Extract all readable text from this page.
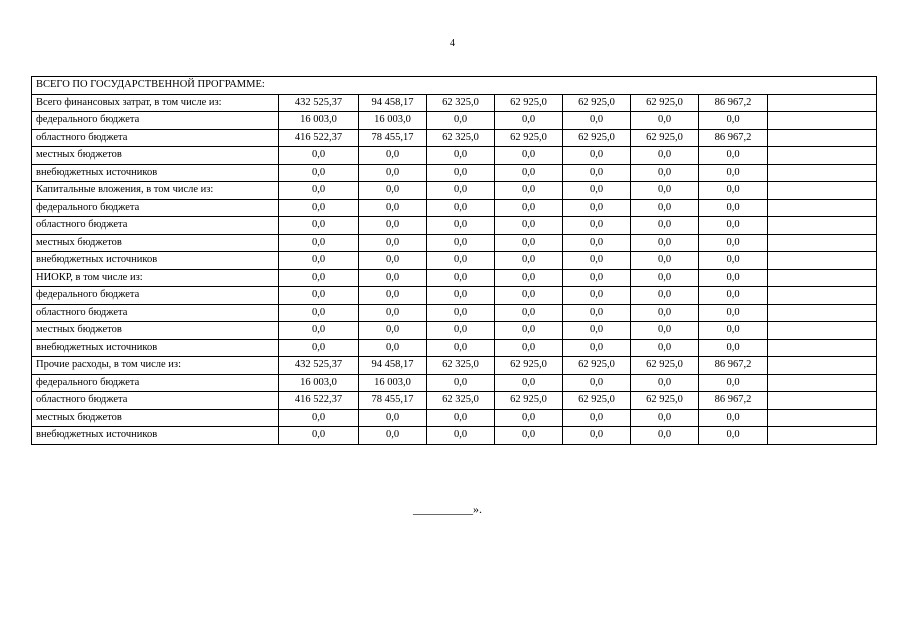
4
ВСЕГО ПО ГОСУДАРСТВЕННОЙ ПРОГРАММЕ:								
Всего финансовых затрат, в том числе из:	432 525,37	94 458,17	62 325,0	62 925,0	62 925,0	62 925,0	86 967,2	
федерального бюджета	16 003,0	16 003,0	0,0	0,0	0,0	0,0	0,0	
областного бюджета	416 522,37	78 455,17	62 325,0	62 925,0	62 925,0	62 925,0	86 967,2	
местных бюджетов	0,0	0,0	0,0	0,0	0,0	0,0	0,0	
внебюджетных источников	0,0	0,0	0,0	0,0	0,0	0,0	0,0	
Капитальные вложения, в том числе из:	0,0	0,0	0,0	0,0	0,0	0,0	0,0	
федерального бюджета	0,0	0,0	0,0	0,0	0,0	0,0	0,0	
областного бюджета	0,0	0,0	0,0	0,0	0,0	0,0	0,0	
местных бюджетов	0,0	0,0	0,0	0,0	0,0	0,0	0,0	
внебюджетных источников	0,0	0,0	0,0	0,0	0,0	0,0	0,0	
НИОКР, в том числе из:	0,0	0,0	0,0	0,0	0,0	0,0	0,0	
федерального бюджета	0,0	0,0	0,0	0,0	0,0	0,0	0,0	
областного бюджета	0,0	0,0	0,0	0,0	0,0	0,0	0,0	
местных бюджетов	0,0	0,0	0,0	0,0	0,0	0,0	0,0	
внебюджетных источников	0,0	0,0	0,0	0,0	0,0	0,0	0,0	
Прочие расходы, в том числе из:	432 525,37	94 458,17	62 325,0	62 925,0	62 925,0	62 925,0	86 967,2	
федерального бюджета	16 003,0	16 003,0	0,0	0,0	0,0	0,0	0,0	
областного бюджета	416 522,37	78 455,17	62 325,0	62 925,0	62 925,0	62 925,0	86 967,2	
местных бюджетов	0,0	0,0	0,0	0,0	0,0	0,0	0,0	
внебюджетных источников	0,0	0,0	0,0	0,0	0,0	0,0	0,0	
__________».
